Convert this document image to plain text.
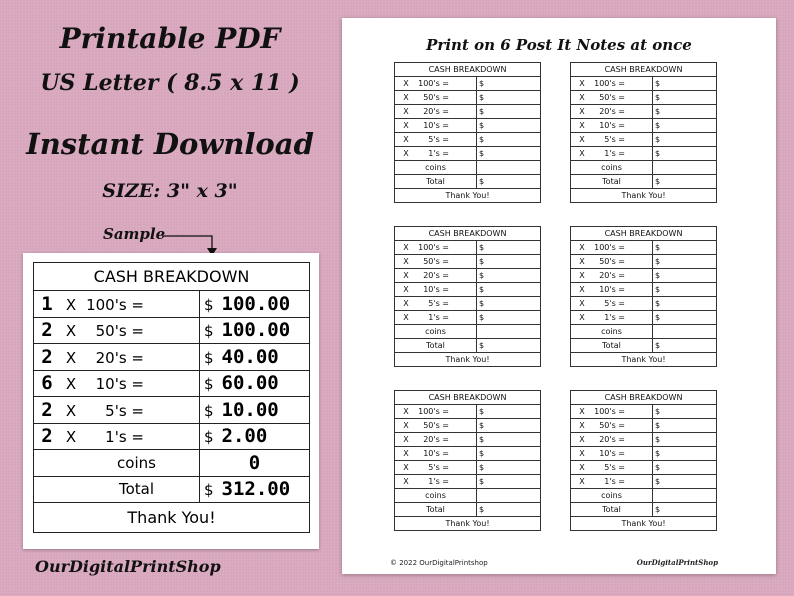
Printable PDF
US Letter ( 8.5 x 11 )
Instant Download
SIZE: 3" x 3"
Sample
CASH BREAKDOWN	
1 X 100's =	$ 100.00
2 X 50's =	$ 100.00
2 X 20's =	$ 40.00
6 X 10's =	$ 60.00
2 X 5's =	$ 10.00
2 X 1's =	$ 2.00
coins	0
Total	$ 312.00
Thank You!	
OurDigitalPrintShop
Print on 6 Post It Notes at once
CASH BREAKDOWN	
X 100's =	$
X 50's =	$
X 20's =	$
X 10's =	$
X 5's =	$
X 1's =	$
coins	
Total	$
Thank You!	
CASH BREAKDOWN	
X 100's =	$
X 50's =	$
X 20's =	$
X 10's =	$
X 5's =	$
X 1's =	$
coins	
Total	$
Thank You!	
CASH BREAKDOWN	
X 100's =	$
X 50's =	$
X 20's =	$
X 10's =	$
X 5's =	$
X 1's =	$
coins	
Total	$
Thank You!	
CASH BREAKDOWN	
X 100's =	$
X 50's =	$
X 20's =	$
X 10's =	$
X 5's =	$
X 1's =	$
coins	
Total	$
Thank You!	
CASH BREAKDOWN	
X 100's =	$
X 50's =	$
X 20's =	$
X 10's =	$
X 5's =	$
X 1's =	$
coins	
Total	$
Thank You!	
CASH BREAKDOWN	
X 100's =	$
X 50's =	$
X 20's =	$
X 10's =	$
X 5's =	$
X 1's =	$
coins	
Total	$
Thank You!	
© 2022 OurDigitalPrintshop	OurDigitalPrintShop
